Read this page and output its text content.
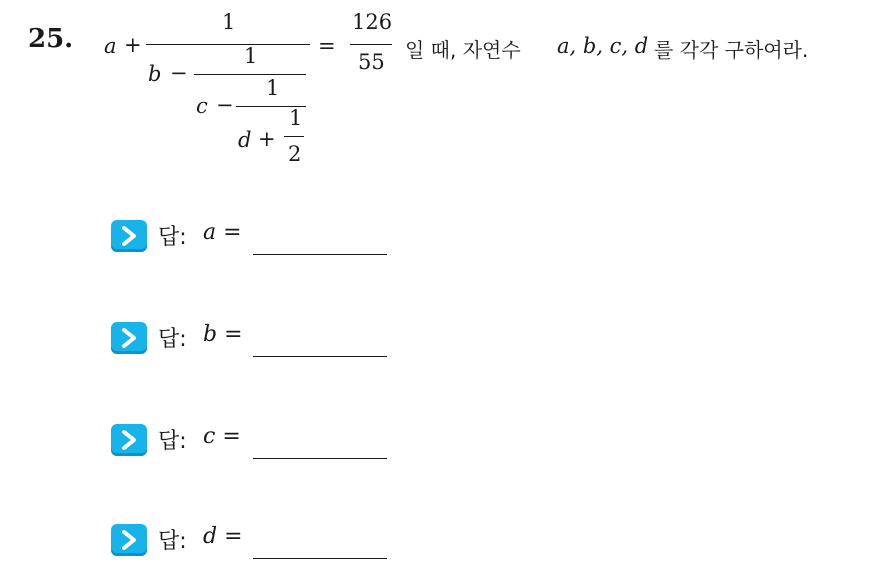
25. a +
1
b −
1
c −
1
d +
1
2
=
126
55 일 때, 자연수 a, b, c, d 를 각각 구하여라.
답: a =
답: b =
답: c =
답: d =
